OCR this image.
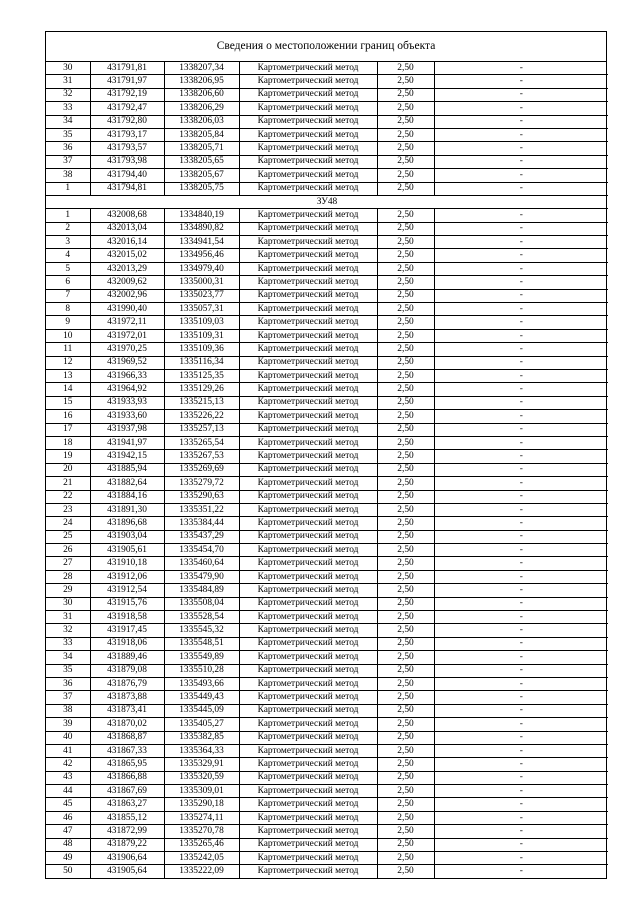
Сведения о местоположении границ объекта
30	431791,81	1338207,34	Картометрический метод	2,50	-
31	431791,97	1338206,95	Картометрический метод	2,50	-
32	431792,19	1338206,60	Картометрический метод	2,50	-
33	431792,47	1338206,29	Картометрический метод	2,50	-
34	431792,80	1338206,03	Картометрический метод	2,50	-
35	431793,17	1338205,84	Картометрический метод	2,50	-
36	431793,57	1338205,71	Картометрический метод	2,50	-
37	431793,98	1338205,65	Картометрический метод	2,50	-
38	431794,40	1338205,67	Картометрический метод	2,50	-
1	431794,81	1338205,75	Картометрический метод	2,50	-
ЗУ48					
1	432008,68	1334840,19	Картометрический метод	2,50	-
2	432013,04	1334890,82	Картометрический метод	2,50	-
3	432016,14	1334941,54	Картометрический метод	2,50	-
4	432015,02	1334956,46	Картометрический метод	2,50	-
5	432013,29	1334979,40	Картометрический метод	2,50	-
6	432009,62	1335000,31	Картометрический метод	2,50	-
7	432002,96	1335023,77	Картометрический метод	2,50	-
8	431990,40	1335057,31	Картометрический метод	2,50	-
9	431972,11	1335109,03	Картометрический метод	2,50	-
10	431972,01	1335109,31	Картометрический метод	2,50	-
11	431970,25	1335109,36	Картометрический метод	2,50	-
12	431969,52	1335116,34	Картометрический метод	2,50	-
13	431966,33	1335125,35	Картометрический метод	2,50	-
14	431964,92	1335129,26	Картометрический метод	2,50	-
15	431933,93	1335215,13	Картометрический метод	2,50	-
16	431933,60	1335226,22	Картометрический метод	2,50	-
17	431937,98	1335257,13	Картометрический метод	2,50	-
18	431941,97	1335265,54	Картометрический метод	2,50	-
19	431942,15	1335267,53	Картометрический метод	2,50	-
20	431885,94	1335269,69	Картометрический метод	2,50	-
21	431882,64	1335279,72	Картометрический метод	2,50	-
22	431884,16	1335290,63	Картометрический метод	2,50	-
23	431891,30	1335351,22	Картометрический метод	2,50	-
24	431896,68	1335384,44	Картометрический метод	2,50	-
25	431903,04	1335437,29	Картометрический метод	2,50	-
26	431905,61	1335454,70	Картометрический метод	2,50	-
27	431910,18	1335460,64	Картометрический метод	2,50	-
28	431912,06	1335479,90	Картометрический метод	2,50	-
29	431912,54	1335484,89	Картометрический метод	2,50	-
30	431915,76	1335508,04	Картометрический метод	2,50	-
31	431918,58	1335528,54	Картометрический метод	2,50	-
32	431917,45	1335545,32	Картометрический метод	2,50	-
33	431918,06	1335548,51	Картометрический метод	2,50	-
34	431889,46	1335549,89	Картометрический метод	2,50	-
35	431879,08	1335510,28	Картометрический метод	2,50	-
36	431876,79	1335493,66	Картометрический метод	2,50	-
37	431873,88	1335449,43	Картометрический метод	2,50	-
38	431873,41	1335445,09	Картометрический метод	2,50	-
39	431870,02	1335405,27	Картометрический метод	2,50	-
40	431868,87	1335382,85	Картометрический метод	2,50	-
41	431867,33	1335364,33	Картометрический метод	2,50	-
42	431865,95	1335329,91	Картометрический метод	2,50	-
43	431866,88	1335320,59	Картометрический метод	2,50	-
44	431867,69	1335309,01	Картометрический метод	2,50	-
45	431863,27	1335290,18	Картометрический метод	2,50	-
46	431855,12	1335274,11	Картометрический метод	2,50	-
47	431872,99	1335270,78	Картометрический метод	2,50	-
48	431879,22	1335265,46	Картометрический метод	2,50	-
49	431906,64	1335242,05	Картометрический метод	2,50	-
50	431905,64	1335222,09	Картометрический метод	2,50	-
